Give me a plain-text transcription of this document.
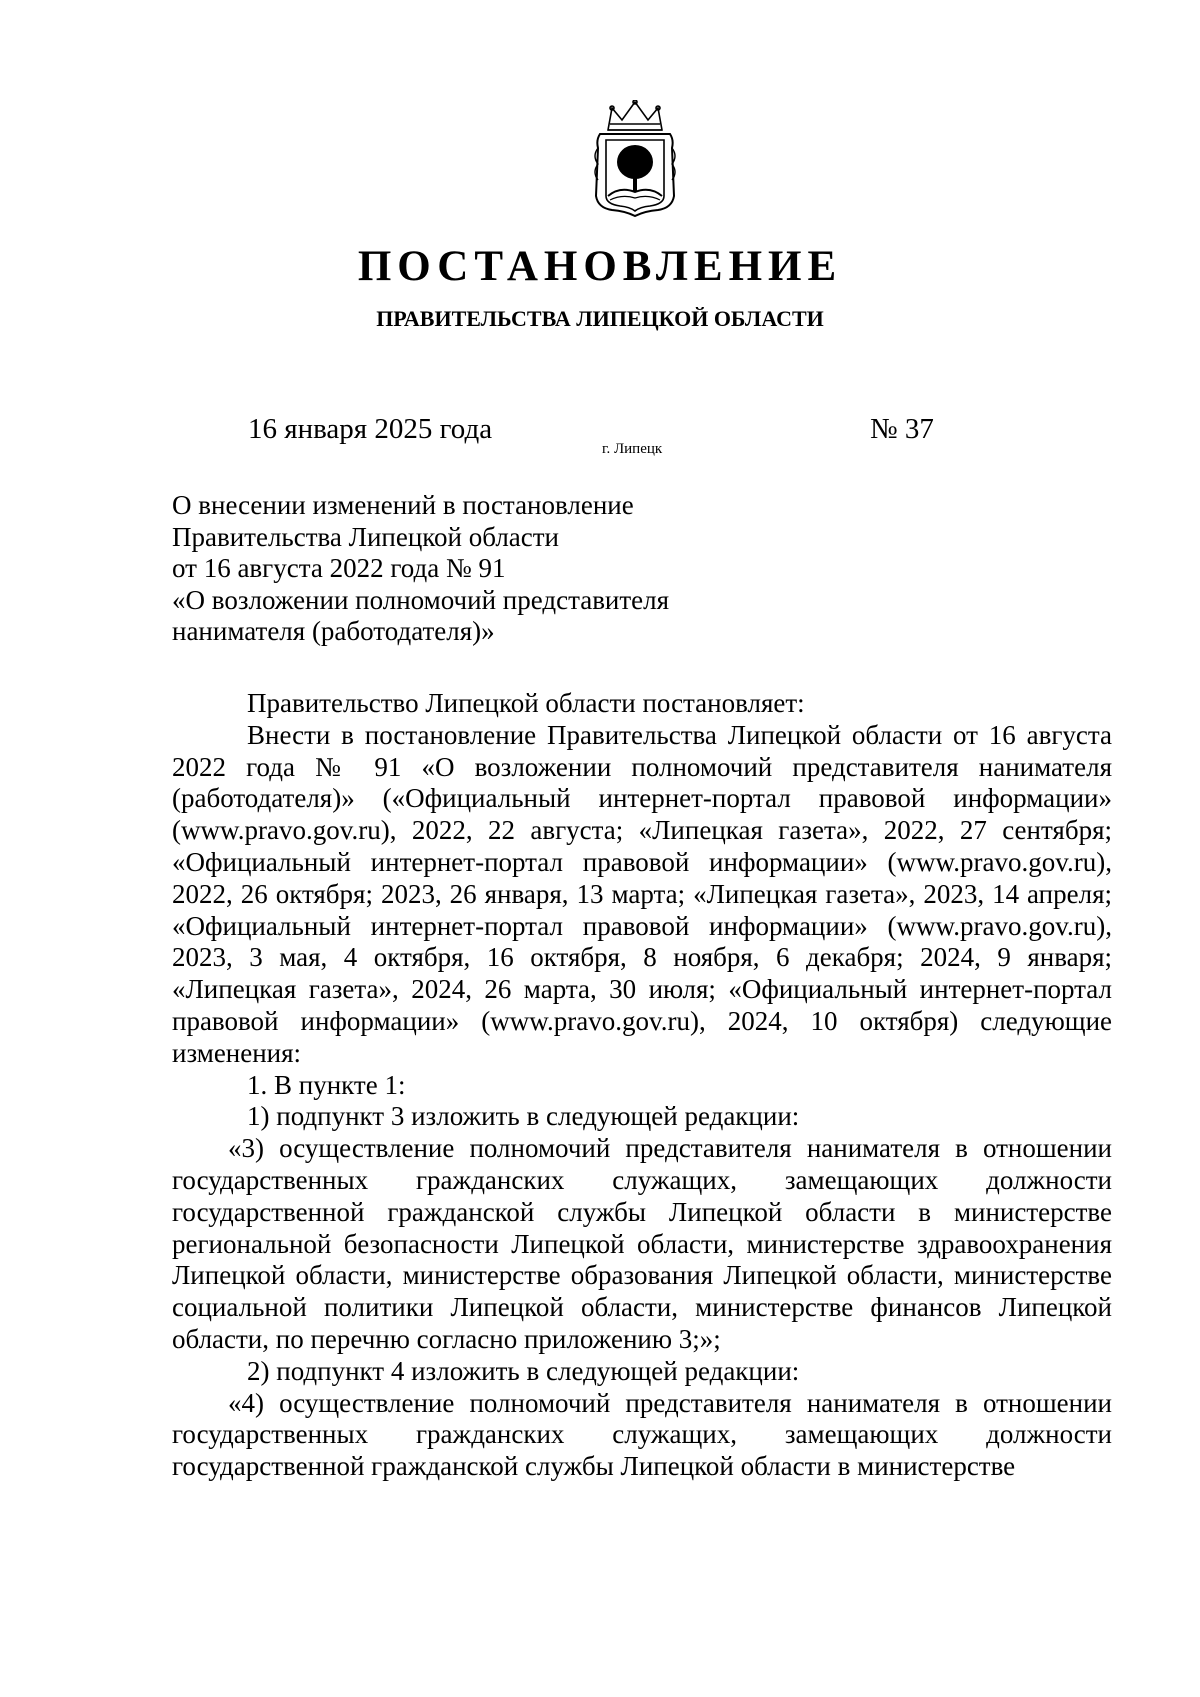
ПОСТАНОВЛЕНИЕ
ПРАВИТЕЛЬСТВА ЛИПЕЦКОЙ ОБЛАСТИ
16 января 2025 года
г. Липецк
№ 37
О внесении изменений в постановление
Правительства Липецкой области
от 16 августа 2022 года № 91
«О возложении полномочий представителя
нанимателя (работодателя)»

Правительство Липецкой области постановляет:

Внести в постановление Правительства Липецкой области от 16 августа 2022 года № 91 «О возложении полномочий представителя нанимателя (работодателя)» («Официальный интернет-портал правовой информации» (www.pravo.gov.ru), 2022, 22 августа; «Липецкая газета», 2022, 27 сентября; «Официальный интернет-портал правовой информации» (www.pravo.gov.ru), 2022, 26 октября; 2023, 26 января, 13 марта; «Липецкая газета», 2023, 14 апреля; «Официальный интернет-портал правовой информации» (www.pravo.gov.ru), 2023, 3 мая, 4 октября, 16 октября, 8 ноября, 6 декабря; 2024, 9 января; «Липецкая газета», 2024, 26 марта, 30 июля; «Официальный интернет-портал правовой информации» (www.pravo.gov.ru), 2024, 10 октября) следующие изменения:

1. В пункте 1:

1) подпункт 3 изложить в следующей редакции:

«3) осуществление полномочий представителя нанимателя в отношении государственных гражданских служащих, замещающих должности государственной гражданской службы Липецкой области в министерстве региональной безопасности Липецкой области, министерстве здравоохранения Липецкой области, министерстве образования Липецкой области, министерстве социальной политики Липецкой области, министерстве финансов Липецкой области, по перечню согласно приложению 3;»;

2) подпункт 4 изложить в следующей редакции:

«4) осуществление полномочий представителя нанимателя в отношении государственных гражданских служащих, замещающих должности государственной гражданской службы Липецкой области в министерстве
